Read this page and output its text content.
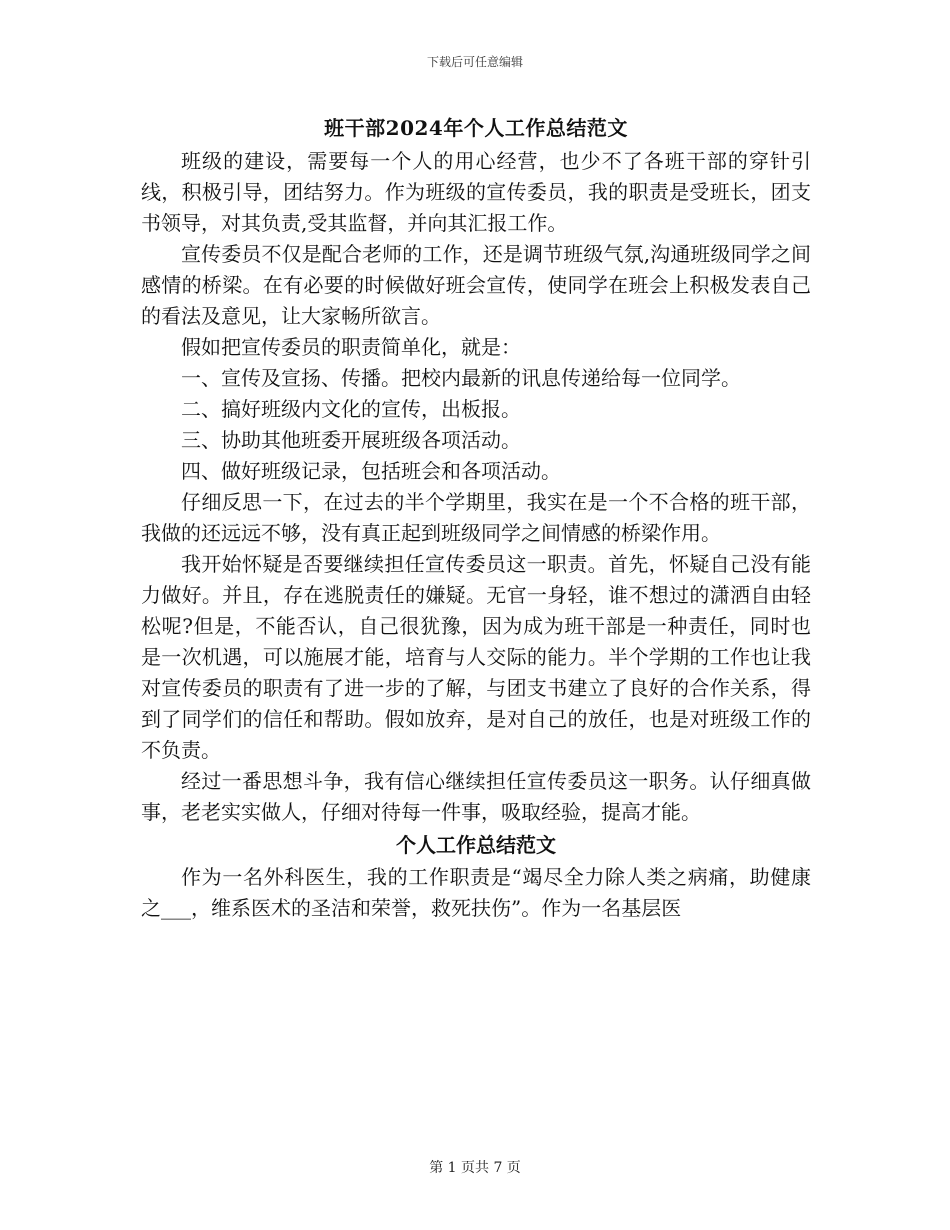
下载后可任意编辑
班干部2024年个人工作总结范文

班级的建设，需要每一个人的用心经营，也少不了各班干部的穿针引线，积极引导，团结努力。作为班级的宣传委员，我的职责是受班长，团支书领导，对其负责,受其监督，并向其汇报工作。

宣传委员不仅是配合老师的工作，还是调节班级气氛,沟通班级同学之间感情的桥梁。在有必要的时候做好班会宣传，使同学在班会上积极发表自己的看法及意见，让大家畅所欲言。

假如把宣传委员的职责简单化，就是：

一、宣传及宣扬、传播。把校内最新的讯息传递给每一位同学。

二、搞好班级内文化的宣传，出板报。

三、协助其他班委开展班级各项活动。

四、做好班级记录，包括班会和各项活动。

仔细反思一下，在过去的半个学期里，我实在是一个不合格的班干部，我做的还远远不够，没有真正起到班级同学之间情感的桥梁作用。

我开始怀疑是否要继续担任宣传委员这一职责。首先，怀疑自己没有能力做好。并且，存在逃脱责任的嫌疑。无官一身轻，谁不想过的潇洒自由轻松呢?但是，不能否认，自己很犹豫，因为成为班干部是一种责任，同时也是一次机遇，可以施展才能，培育与人交际的能力。半个学期的工作也让我对宣传委员的职责有了进一步的了解，与团支书建立了良好的合作关系，得到了同学们的信任和帮助。假如放弃，是对自己的放任，也是对班级工作的不负责。

经过一番思想斗争，我有信心继续担任宣传委员这一职务。认仔细真做事，老老实实做人，仔细对待每一件事，吸取经验，提高才能。

个人工作总结范文

作为一名外科医生，我的工作职责是“竭尽全力除人类之病痛，助健康之___，维系医术的圣洁和荣誉，救死扶伤”。作为一名基层医

第 1 页共 7 页
